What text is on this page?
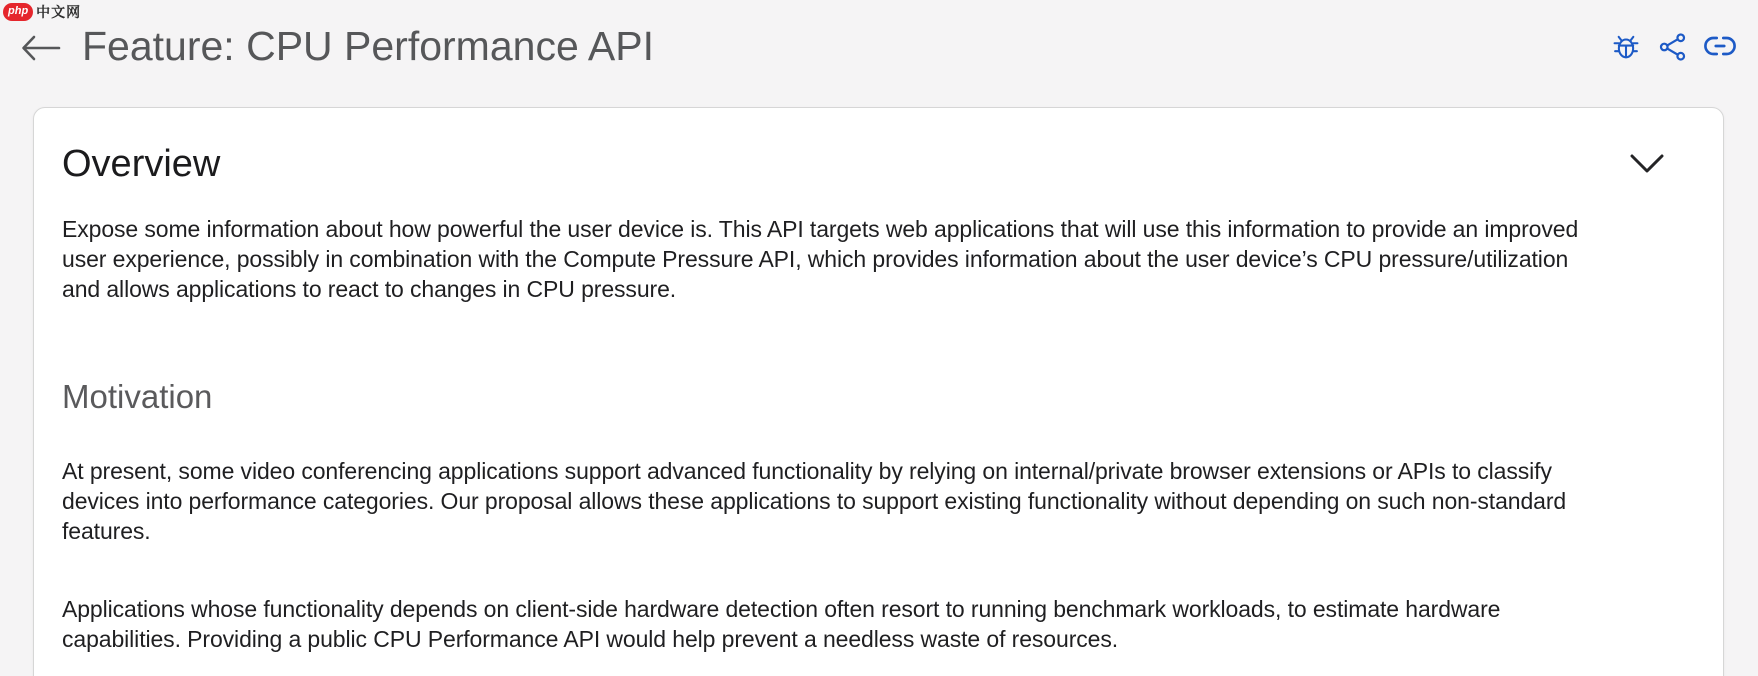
php 中文网
Feature: CPU Performance API
Overview

Expose some information about how powerful the user device is. This API targets web applications that will use this information to provide an improved user experience, possibly in combination with the Compute Pressure API, which provides information about the user device’s CPU pressure/utilization and allows applications to react to changes in CPU pressure.

Motivation

At present, some video conferencing applications support advanced functionality by relying on internal/private browser extensions or APIs to classify devices into performance categories. Our proposal allows these applications to support existing functionality without depending on such non-standard features.

Applications whose functionality depends on client-side hardware detection often resort to running benchmark workloads, to estimate hardware capabilities. Providing a public CPU Performance API would help prevent a needless waste of resources.
